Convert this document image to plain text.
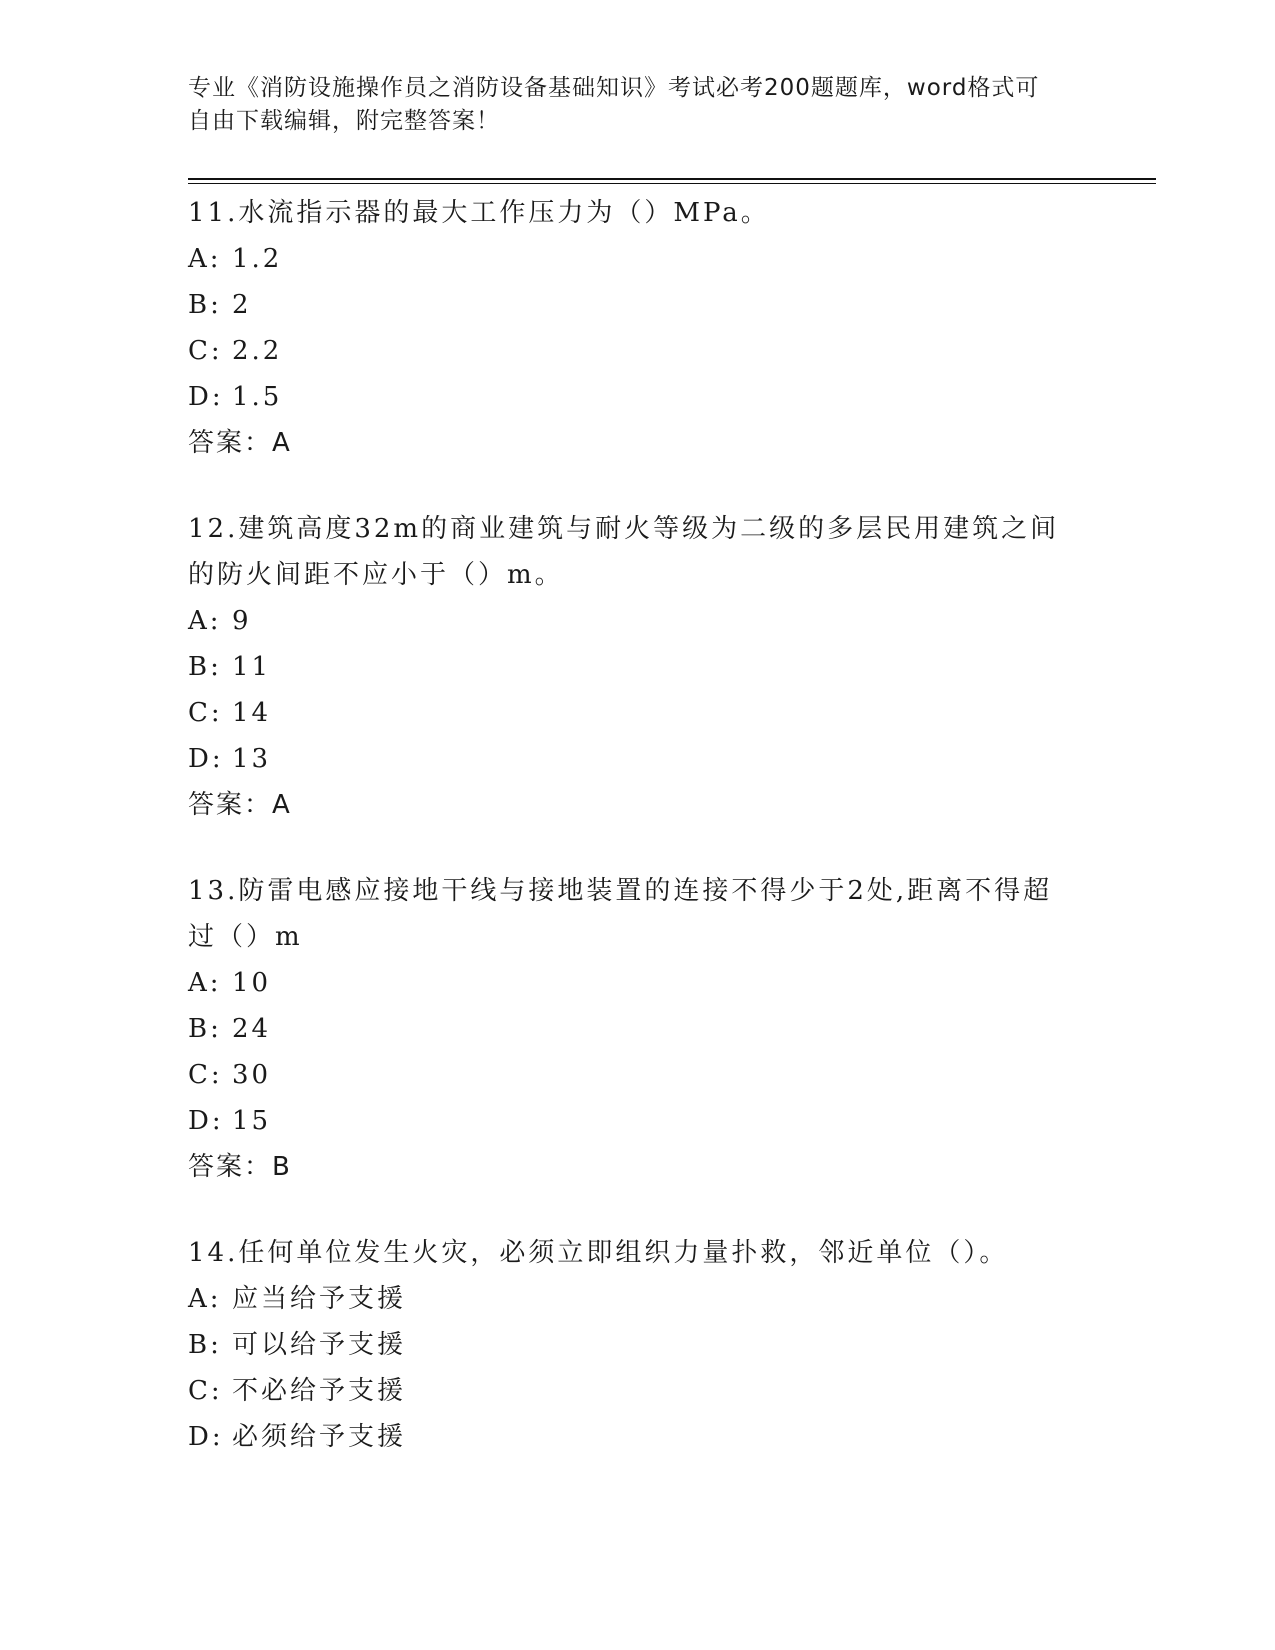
专业《消防设施操作员之消防设备基础知识》考试必考200题题库，word格式可
自由下载编辑，附完整答案！
11.水流指示器的最大工作压力为（）MPa。
A: 1.2
B: 2
C: 2.2
D: 1.5
答案：A
12.建筑高度32m的商业建筑与耐火等级为二级的多层民用建筑之间的防火间距不应小于（）m。
A: 9
B: 11
C: 14
D: 13
答案：A
13.防雷电感应接地干线与接地装置的连接不得少于2处,距离不得超过（）m
A: 10
B: 24
C: 30
D: 15
答案：B
14.任何单位发生火灾，必须立即组织力量扑救，邻近单位（）。
A: 应当给予支援
B: 可以给予支援
C: 不必给予支援
D: 必须给予支援
